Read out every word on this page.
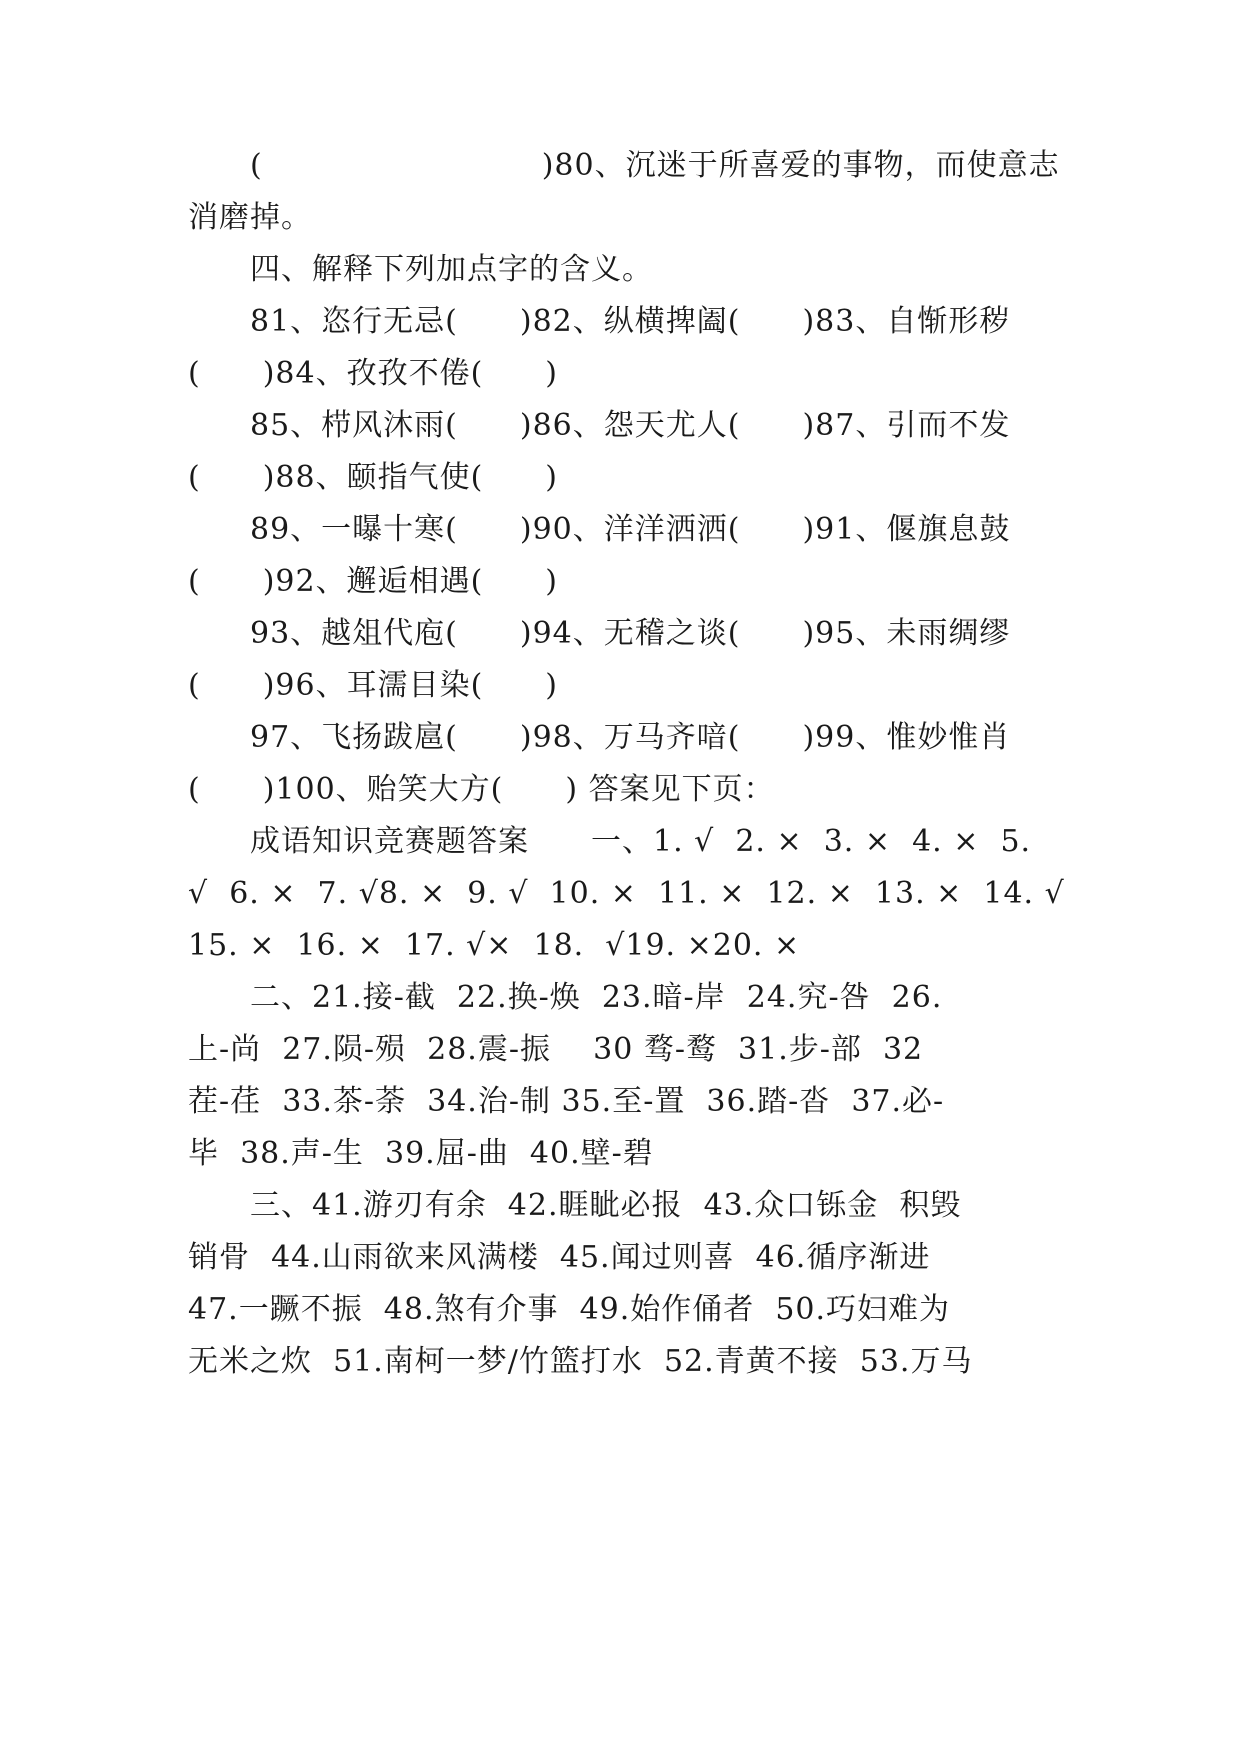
(　　　　　　　　　)80、沉迷于所喜爱的事物，而使意志
消磨掉。
四、解释下列加点字的含义。
81、恣行无忌(　　)82、纵横捭阖(　　)83、自惭形秽
(　　)84、孜孜不倦(　　)
85、栉风沐雨(　　)86、怨天尤人(　　)87、引而不发
(　　)88、颐指气使(　　)
89、一曝十寒(　　)90、洋洋洒洒(　　)91、偃旗息鼓
(　　)92、邂逅相遇(　　)
93、越俎代庖(　　)94、无稽之谈(　　)95、未雨绸缪
(　　)96、耳濡目染(　　)
97、飞扬跋扈(　　)98、万马齐喑(　　)99、惟妙惟肖
(　　)100、贻笑大方(　　) 答案见下页：
成语知识竞赛题答案　　一、1. √  2. ×  3. ×  4. ×  5.
√  6. ×  7. √8. ×  9. √  10. ×  11. ×  12. ×  13. ×  14. √
15. ×  16. ×  17. √×  18.  √19. ×20. ×
二、21.接-截  22.换-焕  23.暗-岸  24.究-咎  26.
上-尚  27.陨-殒  28.震-振    30 骛-鹜  31.步-部  32
茬-荏  33.茶-荼  34.治-制 35.至-置  36.踏-沓  37.必-
毕  38.声-生  39.屈-曲  40.壁-碧
三、41.游刃有余  42.睚眦必报  43.众口铄金  积毁
销骨  44.山雨欲来风满楼  45.闻过则喜  46.循序渐进
47.一蹶不振  48.煞有介事  49.始作俑者  50.巧妇难为
无米之炊  51.南柯一梦/竹篮打水  52.青黄不接  53.万马
